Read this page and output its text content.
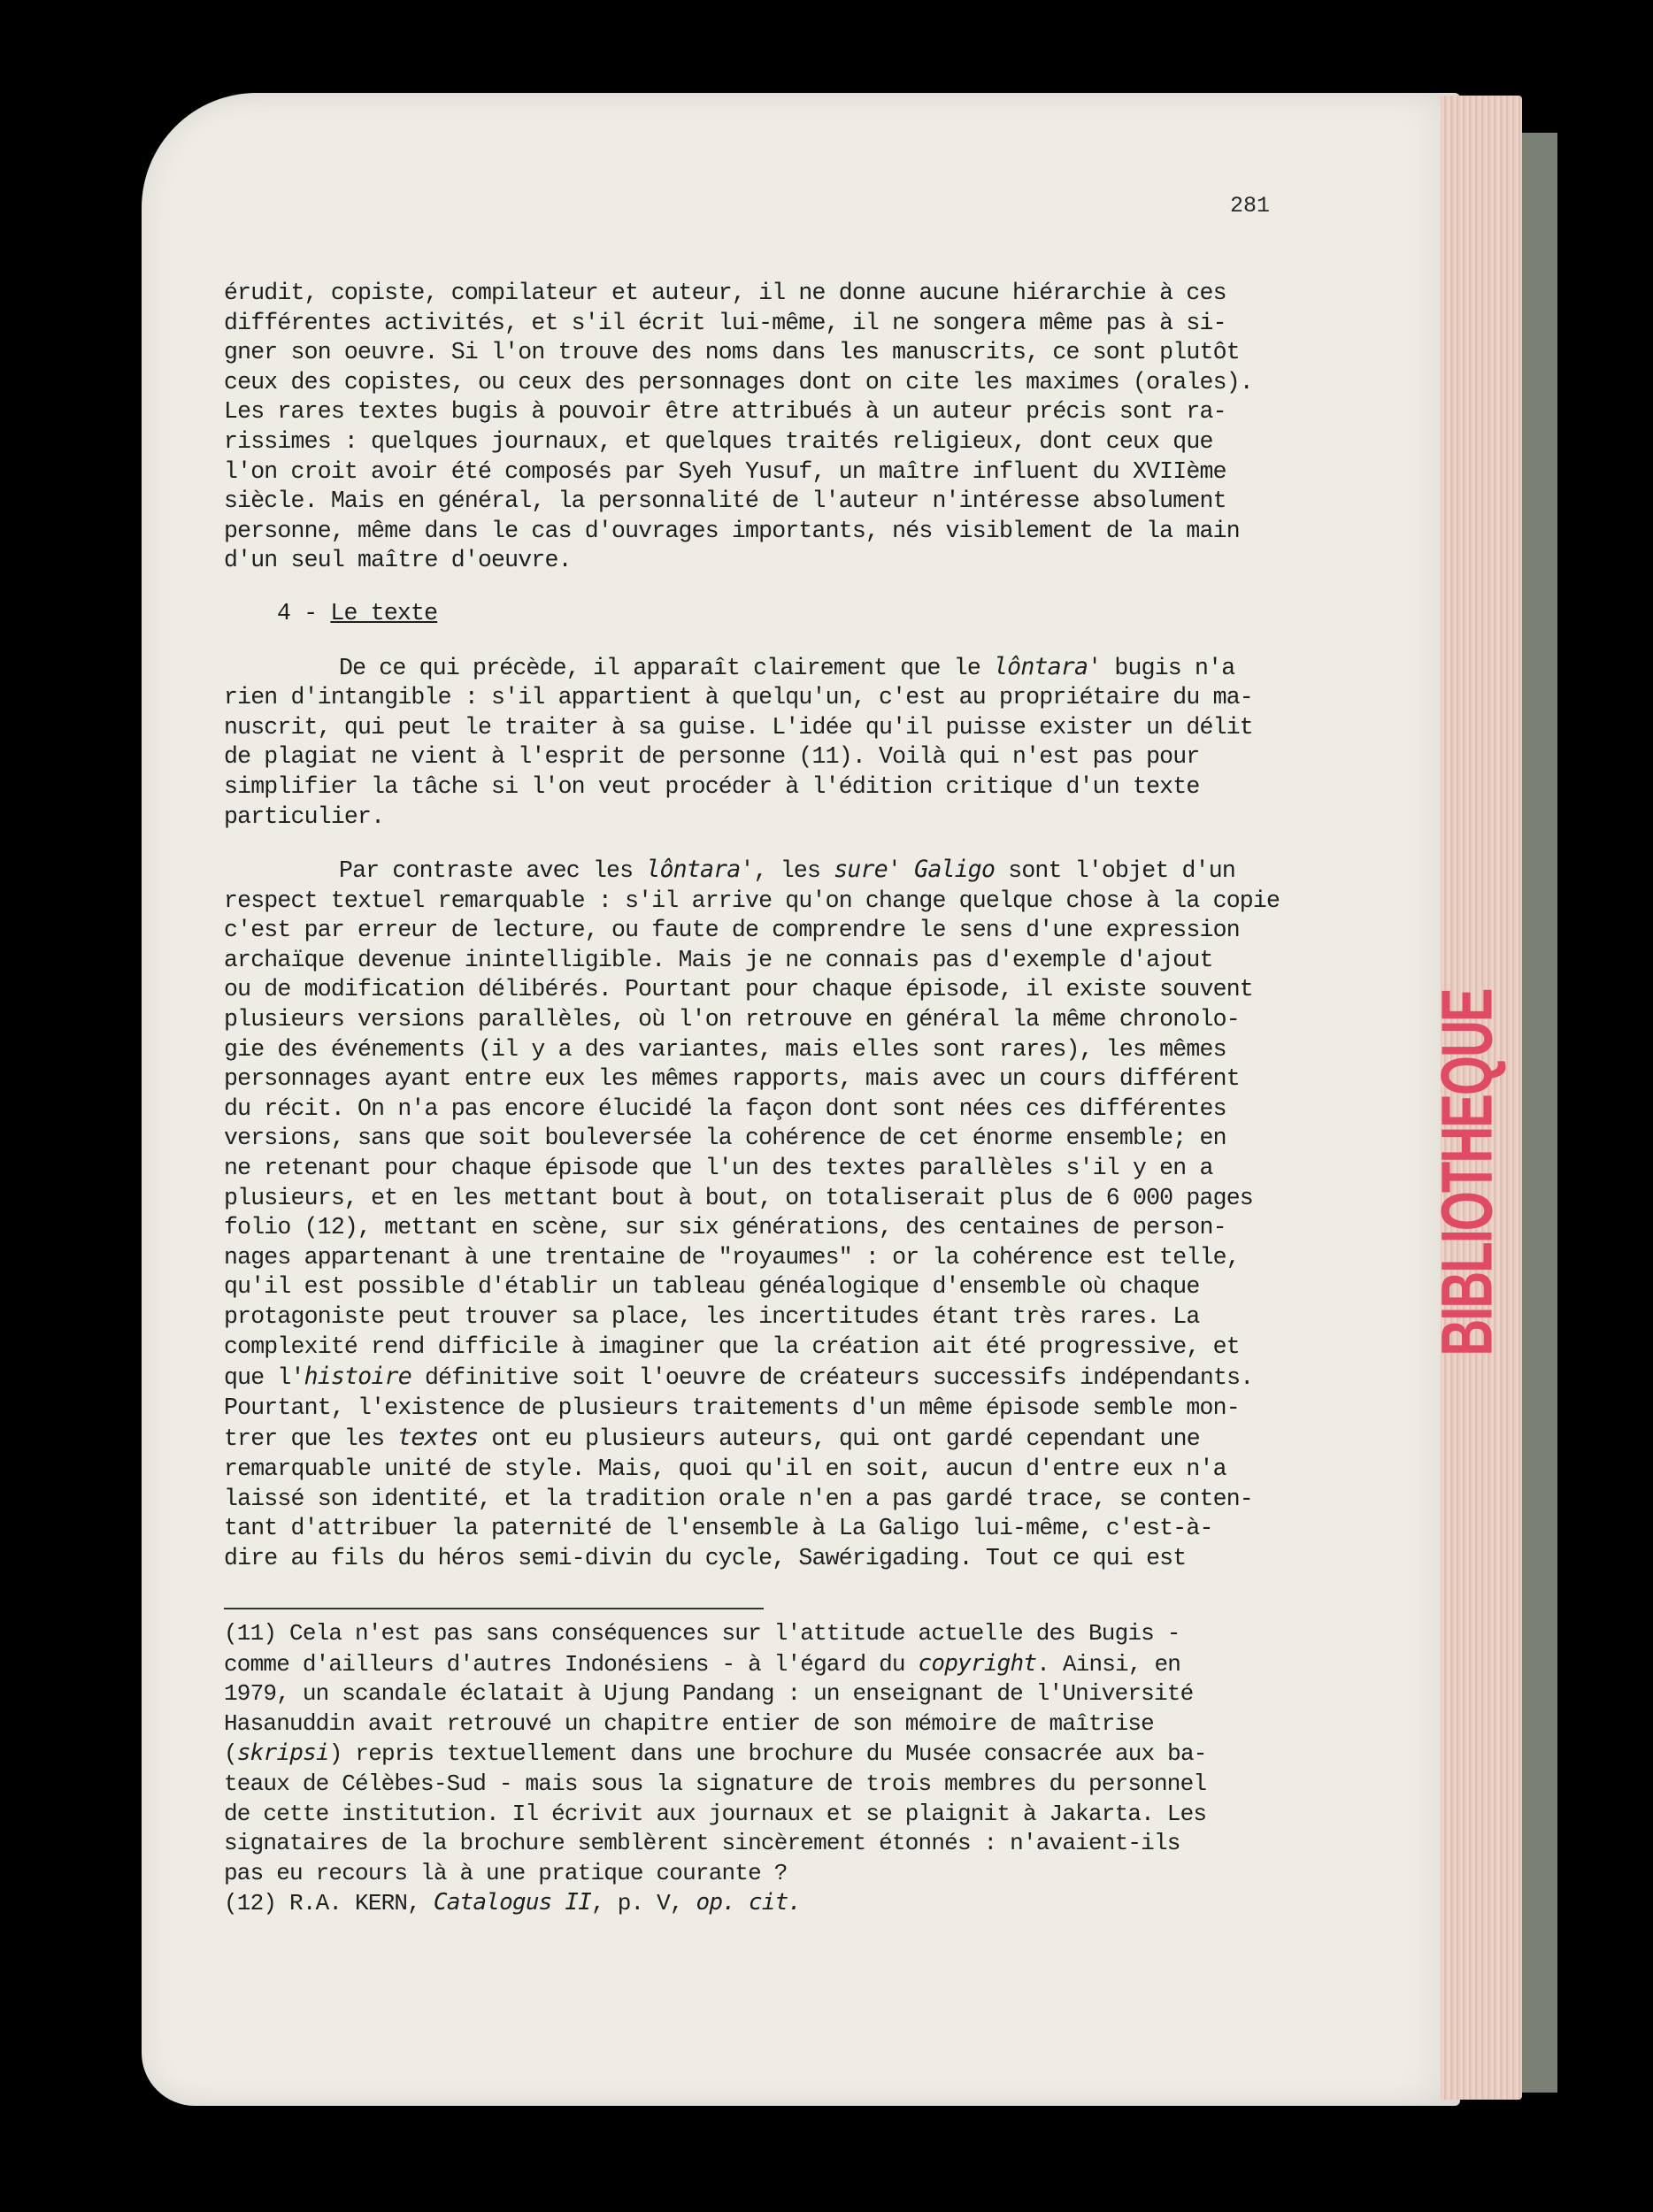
BIBLIOTHEQUE
281
érudit, copiste, compilateur et auteur, il ne donne aucune hiérarchie à ces
différentes activités, et s'il écrit lui-même, il ne songera même pas à si-
gner son oeuvre. Si l'on trouve des noms dans les manuscrits, ce sont plutôt
ceux des copistes, ou ceux des personnages dont on cite les maximes (orales).
Les rares textes bugis à pouvoir être attribués à un auteur précis sont ra-
rissimes : quelques journaux, et quelques traités religieux, dont ceux que
l'on croit avoir été composés par Syeh Yusuf, un maître influent du XVIIème
siècle. Mais en général, la personnalité de l'auteur n'intéresse absolument
personne, même dans le cas d'ouvrages importants, nés visiblement de la main
d'un seul maître d'oeuvre.
4 - Le texte
De ce qui précède, il apparaît clairement que le lôntara' bugis n'a
rien d'intangible : s'il appartient à quelqu'un, c'est au propriétaire du ma-
nuscrit, qui peut le traiter à sa guise. L'idée qu'il puisse exister un délit
de plagiat ne vient à l'esprit de personne (11). Voilà qui n'est pas pour
simplifier la tâche si l'on veut procéder à l'édition critique d'un texte
particulier.
Par contraste avec les lôntara', les sure' Galigo sont l'objet d'un
respect textuel remarquable : s'il arrive qu'on change quelque chose à la copie
c'est par erreur de lecture, ou faute de comprendre le sens d'une expression
archaïque devenue inintelligible. Mais je ne connais pas d'exemple d'ajout
ou de modification délibérés. Pourtant pour chaque épisode, il existe souvent
plusieurs versions parallèles, où l'on retrouve en général la même chronolo-
gie des événements (il y a des variantes, mais elles sont rares), les mêmes
personnages ayant entre eux les mêmes rapports, mais avec un cours différent
du récit. On n'a pas encore élucidé la façon dont sont nées ces différentes
versions, sans que soit bouleversée la cohérence de cet énorme ensemble; en
ne retenant pour chaque épisode que l'un des textes parallèles s'il y en a
plusieurs, et en les mettant bout à bout, on totaliserait plus de 6 000 pages
folio (12), mettant en scène, sur six générations, des centaines de person-
nages appartenant à une trentaine de "royaumes" : or la cohérence est telle,
qu'il est possible d'établir un tableau généalogique d'ensemble où chaque
protagoniste peut trouver sa place, les incertitudes étant très rares. La
complexité rend difficile à imaginer que la création ait été progressive, et
que l'histoire définitive soit l'oeuvre de créateurs successifs indépendants.
Pourtant, l'existence de plusieurs traitements d'un même épisode semble mon-
trer que les textes ont eu plusieurs auteurs, qui ont gardé cependant une
remarquable unité de style. Mais, quoi qu'il en soit, aucun d'entre eux n'a
laissé son identité, et la tradition orale n'en a pas gardé trace, se conten-
tant d'attribuer la paternité de l'ensemble à La Galigo lui-même, c'est-à-
dire au fils du héros semi-divin du cycle, Sawérigading. Tout ce qui est
(11) Cela n'est pas sans conséquences sur l'attitude actuelle des Bugis -
comme d'ailleurs d'autres Indonésiens - à l'égard du copyright. Ainsi, en
1979, un scandale éclatait à Ujung Pandang : un enseignant de l'Université
Hasanuddin avait retrouvé un chapitre entier de son mémoire de maîtrise
(skripsi) repris textuellement dans une brochure du Musée consacrée aux ba-
teaux de Célèbes-Sud - mais sous la signature de trois membres du personnel
de cette institution. Il écrivit aux journaux et se plaignit à Jakarta. Les
signataires de la brochure semblèrent sincèrement étonnés : n'avaient-ils
pas eu recours là à une pratique courante ?
(12) R.A. KERN, Catalogus II, p. V, op. cit.
